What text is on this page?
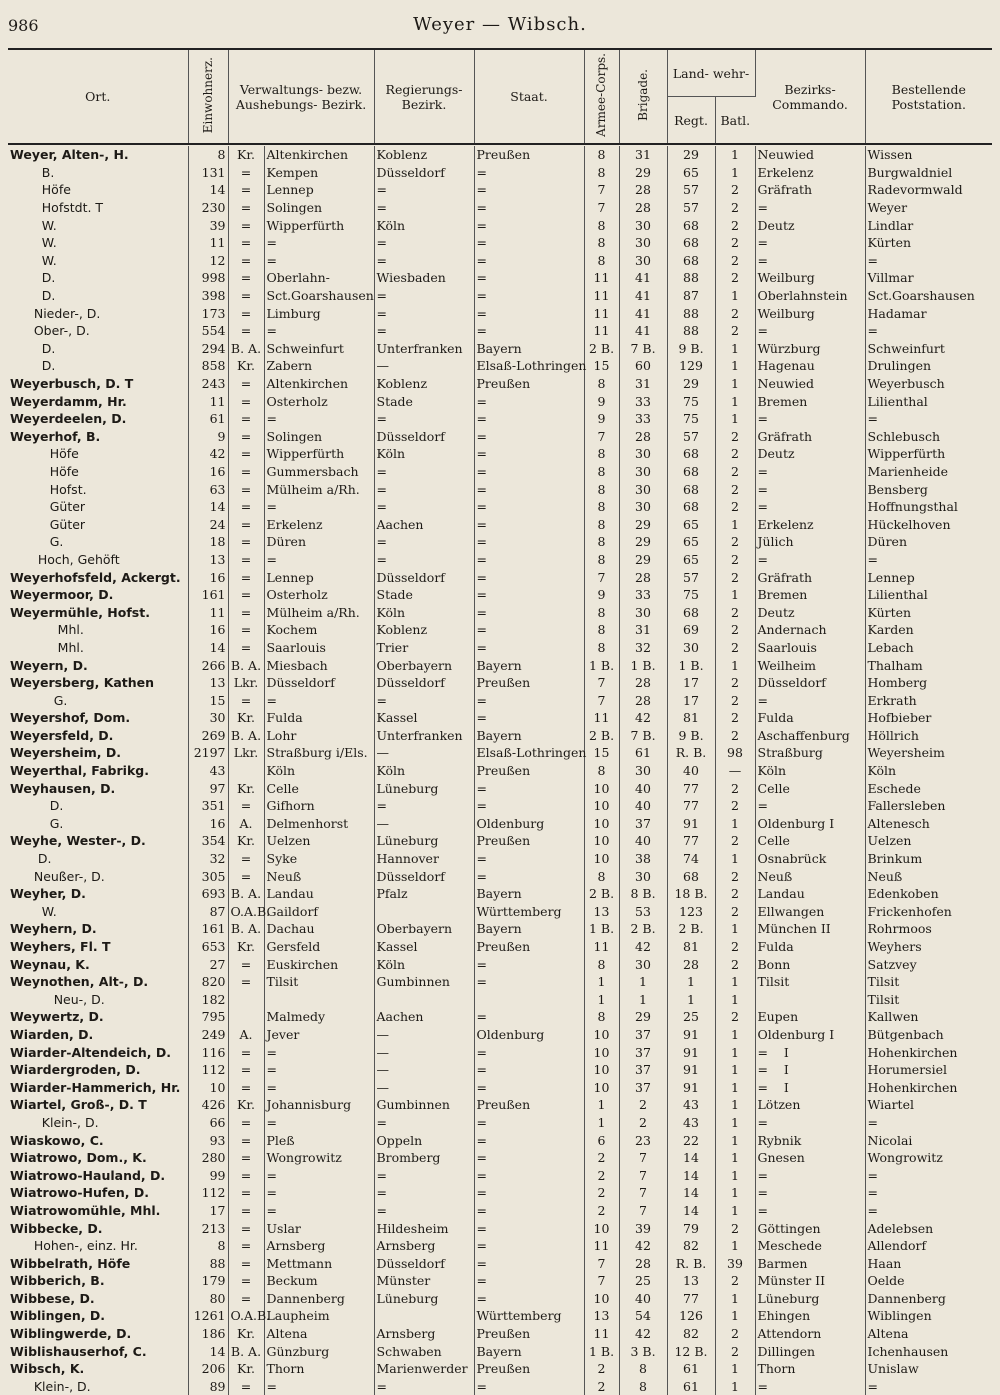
986	Weyer — Wibsch.
Ort.	Einwohnerz.	Verwaltungs- bezw. Aushebungs- Bezirk.	Regierungs- Bezirk.	Staat.	Armee-Corps.	Brigade.	Land- wehr-		Bezirks- Commando.	Bestellende Poststation.
							Regt.	Batl.		
Weyer, Alten-, H.	8	Kr.	Altenkirchen	Koblenz	Preußen	8	31	29	1	Neuwied	Wissen
B.	131	=	Kempen	Düsseldorf	=	8	29	65	1	Erkelenz	Burgwaldniel
Höfe	14	=	Lennep	=	=	7	28	57	2	Gräfrath	Radevormwald
Hofstdt. T	230	=	Solingen	=	=	7	28	57	2	=	Weyer
W.	39	=	Wipperfürth	Köln	=	8	30	68	2	Deutz	Lindlar
W.	11	=	=	=	=	8	30	68	2	=	Kürten
W.	12	=	=	=	=	8	30	68	2	=	=
D.	998	=	Oberlahn-	Wiesbaden	=	11	41	88	2	Weilburg	Villmar
D.	398	=	Sct.Goarshausen	=	=	11	41	87	1	Oberlahnstein	Sct.Goarshausen
Nieder-, D.	173	=	Limburg	=	=	11	41	88	2	Weilburg	Hadamar
Ober-, D.	554	=	=	=	=	11	41	88	2	=	=
D.	294	B. A.	Schweinfurt	Unterfranken	Bayern	2 B.	7 B.	9 B.	1	Würzburg	Schweinfurt
D.	858	Kr.	Zabern	—	Elsaß-Lothringen	15	60	129	1	Hagenau	Drulingen
Weyerbusch, D. T	243	=	Altenkirchen	Koblenz	Preußen	8	31	29	1	Neuwied	Weyerbusch
Weyerdamm, Hr.	11	=	Osterholz	Stade	=	9	33	75	1	Bremen	Lilienthal
Weyerdeelen, D.	61	=	=	=	=	9	33	75	1	=	=
Weyerhof, B.	9	=	Solingen	Düsseldorf	=	7	28	57	2	Gräfrath	Schlebusch
Höfe	42	=	Wipperfürth	Köln	=	8	30	68	2	Deutz	Wipperfürth
Höfe	16	=	Gummersbach	=	=	8	30	68	2	=	Marienheide
Hofst.	63	=	Mülheim a/Rh.	=	=	8	30	68	2	=	Bensberg
Güter	14	=	=	=	=	8	30	68	2	=	Hoffnungsthal
Güter	24	=	Erkelenz	Aachen	=	8	29	65	1	Erkelenz	Hückelhoven
G.	18	=	Düren	=	=	8	29	65	2	Jülich	Düren
Hoch, Gehöft	13	=	=	=	=	8	29	65	2	=	=
Weyerhofsfeld, Ackergt.	16	=	Lennep	Düsseldorf	=	7	28	57	2	Gräfrath	Lennep
Weyermoor, D.	161	=	Osterholz	Stade	=	9	33	75	1	Bremen	Lilienthal
Weyermühle, Hofst.	11	=	Mülheim a/Rh.	Köln	=	8	30	68	2	Deutz	Kürten
Mhl.	16	=	Kochem	Koblenz	=	8	31	69	2	Andernach	Karden
Mhl.	14	=	Saarlouis	Trier	=	8	32	30	2	Saarlouis	Lebach
Weyern, D.	266	B. A.	Miesbach	Oberbayern	Bayern	1 B.	1 B.	1 B.	1	Weilheim	Thalham
Weyersberg, Kathen	13	Lkr.	Düsseldorf	Düsseldorf	Preußen	7	28	17	2	Düsseldorf	Homberg
G.	15	=	=	=	=	7	28	17	2	=	Erkrath
Weyershof, Dom.	30	Kr.	Fulda	Kassel	=	11	42	81	2	Fulda	Hofbieber
Weyersfeld, D.	269	B. A.	Lohr	Unterfranken	Bayern	2 B.	7 B.	9 B.	2	Aschaffenburg	Höllrich
Weyersheim, D.	2197	Lkr.	Straßburg i/Els.	—	Elsaß-Lothringen	15	61	R. B.	98	Straßburg	Weyersheim
Weyerthal, Fabrikg.	43		Köln	Köln	Preußen	8	30	40	—	Köln	Köln
Weyhausen, D.	97	Kr.	Celle	Lüneburg	=	10	40	77	2	Celle	Eschede
D.	351	=	Gifhorn	=	=	10	40	77	2	=	Fallersleben
G.	16	A.	Delmenhorst	—	Oldenburg	10	37	91	1	Oldenburg I	Altenesch
Weyhe, Wester-, D.	354	Kr.	Uelzen	Lüneburg	Preußen	10	40	77	2	Celle	Uelzen
D.	32	=	Syke	Hannover	=	10	38	74	1	Osnabrück	Brinkum
Neußer-, D.	305	=	Neuß	Düsseldorf	=	8	30	68	2	Neuß	Neuß
Weyher, D.	693	B. A.	Landau	Pfalz	Bayern	2 B.	8 B.	18 B.	2	Landau	Edenkoben
W.	87	O.A.B.	Gaildorf		Württemberg	13	53	123	2	Ellwangen	Frickenhofen
Weyhern, D.	161	B. A.	Dachau	Oberbayern	Bayern	1 B.	2 B.	2 B.	1	München II	Rohrmoos
Weyhers, Fl. T	653	Kr.	Gersfeld	Kassel	Preußen	11	42	81	2	Fulda	Weyhers
Weynau, K.	27	=	Euskirchen	Köln	=	8	30	28	2	Bonn	Satzvey
Weynothen, Alt-, D.	820	=	Tilsit	Gumbinnen	=	1	1	1	1	Tilsit	Tilsit
Neu-, D.	182					1	1	1	1		Tilsit
Weywertz, D.	795		Malmedy	Aachen	=	8	29	25	2	Eupen	Kallwen
Wiarden, D.	249	A.	Jever	—	Oldenburg	10	37	91	1	Oldenburg I	Bütgenbach
Wiarder-Altendeich, D.	116	=	=	—	=	10	37	91	1	=    I	Hohenkirchen
Wiardergroden, D.	112	=	=	—	=	10	37	91	1	=    I	Horumersiel
Wiarder-Hammerich, Hr.	10	=	=	—	=	10	37	91	1	=    I	Hohenkirchen
Wiartel, Groß-, D. T	426	Kr.	Johannisburg	Gumbinnen	Preußen	1	2	43	1	Lötzen	Wiartel
Klein-, D.	66	=	=	=	=	1	2	43	1	=	=
Wiaskowo, C.	93	=	Pleß	Oppeln	=	6	23	22	1	Rybnik	Nicolai
Wiatrowo, Dom., K.	280	=	Wongrowitz	Bromberg	=	2	7	14	1	Gnesen	Wongrowitz
Wiatrowo-Hauland, D.	99	=	=	=	=	2	7	14	1	=	=
Wiatrowo-Hufen, D.	112	=	=	=	=	2	7	14	1	=	=
Wiatrowomühle, Mhl.	17	=	=	=	=	2	7	14	1	=	=
Wibbecke, D.	213	=	Uslar	Hildesheim	=	10	39	79	2	Göttingen	Adelebsen
Hohen-, einz. Hr.	8	=	Arnsberg	Arnsberg	=	11	42	82	1	Meschede	Allendorf
Wibbelrath, Höfe	88	=	Mettmann	Düsseldorf	=	7	28	R. B.	39	Barmen	Haan
Wibberich, B.	179	=	Beckum	Münster	=	7	25	13	2	Münster II	Oelde
Wibbese, D.	80	=	Dannenberg	Lüneburg	=	10	40	77	1	Lüneburg	Dannenberg
Wiblingen, D.	1261	O.A.B.	Laupheim		Württemberg	13	54	126	1	Ehingen	Wiblingen
Wiblingwerde, D.	186	Kr.	Altena	Arnsberg	Preußen	11	42	82	2	Attendorn	Altena
Wiblishauserhof, C.	14	B. A.	Günzburg	Schwaben	Bayern	1 B.	3 B.	12 B.	2	Dillingen	Ichenhausen
Wibsch, K.	206	Kr.	Thorn	Marienwerder	Preußen	2	8	61	1	Thorn	Unislaw
Klein-, D.	89	=	=	=	=	2	8	61	1	=	=
